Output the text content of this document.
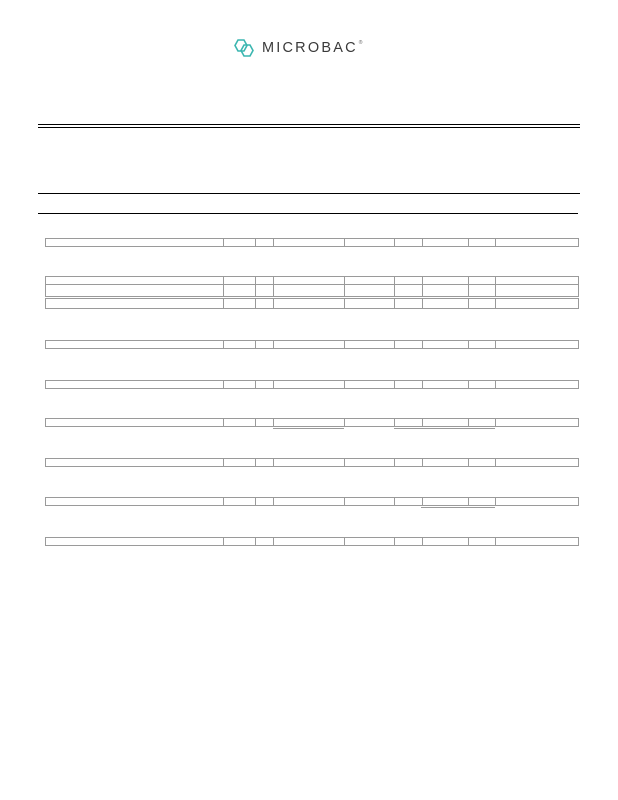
MICROBAC®
